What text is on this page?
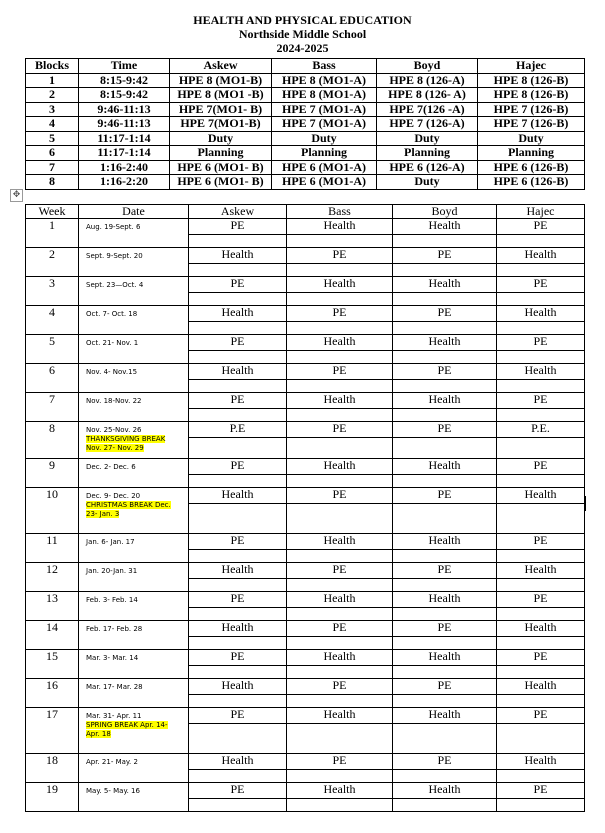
HEALTH AND PHYSICAL EDUCATION
Northside Middle School
2024-2025
Blocks	Time	Askew	Bass	Boyd	Hajec
1	8:15-9:42	HPE 8 (MO1-B)	HPE 8 (MO1-A)	HPE 8 (126-A)	HPE 8 (126-B)
2	8:15-9:42	HPE 8 (MO1 -B)	HPE 8 (MO1-A)	HPE 8 (126- A)	HPE 8 (126-B)
3	9:46-11:13	HPE 7(MO1- B)	HPE 7 (MO1-A)	HPE 7(126 -A)	HPE 7 (126-B)
4	9:46-11:13	HPE 7(MO1-B)	HPE 7 (MO1-A)	HPE 7 (126-A)	HPE 7 (126-B)
5	11:17-1:14	Duty	Duty	Duty	Duty
6	11:17-1:14	Planning	Planning	Planning	Planning
7	1:16-2:40	HPE 6 (MO1- B)	HPE 6 (MO1-A)	HPE 6 (126-A)	HPE 6 (126-B)
8	1:16-2:20	HPE 6 (MO1- B)	HPE 6 (MO1-A)	Duty	HPE 6 (126-B)
✥
Week	Date	Askew	Bass	Boyd	Hajec
1	Aug. 19-Sept. 6	PE	Health	Health	PE

2	Sept. 9-Sept. 20	Health	PE	PE	Health

3	Sept. 23—Oct. 4	PE	Health	Health	PE

4	Oct. 7- Oct. 18	Health	PE	PE	Health

5	Oct. 21- Nov. 1	PE	Health	Health	PE

6	Nov. 4- Nov.15	Health	PE	PE	Health

7	Nov. 18-Nov. 22	PE	Health	Health	PE

8	Nov. 25-Nov. 26
THANKSGIVING BREAK Nov. 27- Nov. 29	P.E	PE	PE	P.E.

9	Dec. 2- Dec. 6	PE	Health	Health	PE

10	Dec. 9- Dec. 20
CHRISTMAS BREAK Dec. 23- Jan. 3	Health	PE	PE	Health

11	Jan. 6- Jan. 17	PE	Health	Health	PE

12	Jan. 20-Jan. 31	Health	PE	PE	Health

13	Feb. 3- Feb. 14	PE	Health	Health	PE

14	Feb. 17- Feb. 28	Health	PE	PE	Health

15	Mar. 3- Mar. 14	PE	Health	Health	PE

16	Mar. 17- Mar. 28	Health	PE	PE	Health

17	Mar. 31- Apr. 11
SPRING BREAK Apr. 14- Apr. 18	PE	Health	Health	PE

18	Apr. 21- May. 2	Health	PE	PE	Health

19	May. 5- May. 16	PE	Health	Health	PE
